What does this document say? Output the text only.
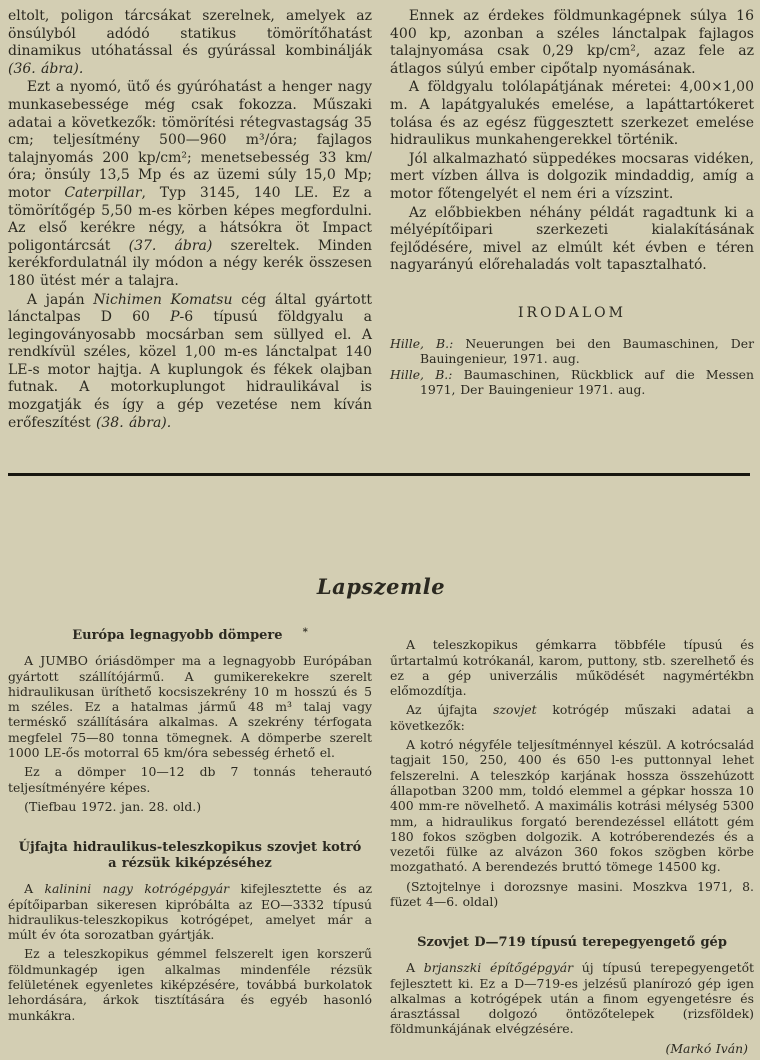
eltolt, poligon tárcsákat szerelnek, amelyek az önsúlyból adódó statikus tömörítőhatást dinamikus utóhatással és gyúrással kombinálják (36. ábra).

Ezt a nyomó, ütő és gyúróhatást a henger nagy munkasebessége még csak fokozza. Műszaki adatai a következők: tömörítési rétegvastagság 35 cm; teljesítmény 500—960 m³/óra; fajlagos talajnyomás 200 kp/cm²; menetsebesség 33 km/óra; önsúly 13,5 Mp és az üzemi súly 15,0 Mp; motor Caterpillar, Typ 3145, 140 LE. Ez a tömörítőgép 5,50 m-es körben képes megfordulni. Az első kerékre négy, a hátsókra öt Impact poligontárcsát (37. ábra) szereltek. Minden kerékfordulatnál ily módon a négy kerék összesen 180 ütést mér a talajra.

A japán Nichimen Komatsu cég által gyártott lánctalpas D 60 P-6 típusú földgyalu a legingoványosabb mocsárban sem süllyed el. A rendkívül széles, közel 1,00 m-es lánctalpat 140 LE-s motor hajtja. A kuplungok és fékek olajban futnak. A motorkuplungot hidraulikával is mozgatják és így a gép vezetése nem kíván erőfeszítést (38. ábra).

Ennek az érdekes földmunkagépnek súlya 16 400 kp, azonban a széles lánctalpak fajlagos talajnyomása csak 0,29 kp/cm², azaz fele az átlagos súlyú ember cipőtalp nyomásának.

A földgyalu tolólapátjának méretei: 4,00×1,00 m. A lapátgyalukés emelése, a lapáttartókeret tolása és az egész függesztett szerkezet emelése hidraulikus munkahengerekkel történik.

Jól alkalmazható süppedékes mocsaras vidéken, mert vízben állva is dolgozik mindaddig, amíg a motor főtengelyét el nem éri a vízszint.

Az előbbiekben néhány példát ragadtunk ki a mélyépítőipari szerkezeti kialakításának fejlődésére, mivel az elmúlt két évben e téren nagyarányú előrehaladás volt tapasztalható.

IRODALOM

Hille, B.: Neuerungen bei den Baumaschinen, Der Bauingenieur, 1971. aug.

Hille, B.: Baumaschinen, Rückblick auf die Messen 1971, Der Bauingenieur 1971. aug.

Lapszemle
Európa legnagyobb dömpere *

A JUMBO óriásdömper ma a legnagyobb Európában gyártott szállítójármű. A gumikerekekre szerelt hidraulikusan üríthető kocsiszekrény 10 m hosszú és 5 m széles. Ez a hatalmas jármű 48 m³ talaj vagy terméskő szállítására alkalmas. A szekrény térfogata megfelel 75—80 tonna tömegnek. A dömperbe szerelt 1000 LE-ős motorral 65 km/óra sebesség érhető el.

Ez a dömper 10—12 db 7 tonnás teherautó teljesítményére képes.

(Tiefbau 1972. jan. 28. old.)

Újfajta hidraulikus-teleszkopikus szovjet kotró a rézsük kiképzéséhez

A kalinini nagy kotrógépgyár kifejlesztette és az építőiparban sikeresen kipróbálta az EO—3332 típusú hidraulikus-teleszkopikus kotrógépet, amelyet már a múlt év óta sorozatban gyártják.

Ez a teleszkopikus gémmel felszerelt igen korszerű földmunkagép igen alkalmas mindenféle rézsük felületének egyenletes kiképzésére, továbbá burkolatok lehordására, árkok tisztítására és egyéb hasonló munkákra.

A teleszkopikus gémkarra többféle típusú és űrtartalmú kotrókanál, karom, puttony, stb. szerelhető és ez a gép univerzális működését nagymértékbn előmozdítja.

Az újfajta szovjet kotrógép műszaki adatai a következők:

A kotró négyféle teljesítménnyel készül. A kotrócsalád tagjait 150, 250, 400 és 650 l-es puttonnyal lehet felszerelni. A teleszkóp karjának hossza összehúzott állapotban 3200 mm, toldó elemmel a gépkar hossza 10 400 mm-re növelhető. A maximális kotrási mélység 5300 mm, a hidraulikus forgató berendezéssel ellátott gém 180 fokos szögben dolgozik. A kotróberendezés és a vezetői fülke az alvázon 360 fokos szögben körbe mozgatható. A berendezés bruttó tömege 14500 kg.

(Sztojtelnye i dorozsnye masini. Moszkva 1971, 8. füzet 4—6. oldal)

Szovjet D—719 típusú terepegyengető gép

A brjanszki építőgépgyár új típusú terepegyengetőt fejlesztett ki. Ez a D—719-es jelzésű planírozó gép igen alkalmas a kotrógépek után a finom egyengetésre és árasztással dolgozó öntözőtelepek (rizsföldek) földmunkájának elvégzésére.

(Markó Iván)
